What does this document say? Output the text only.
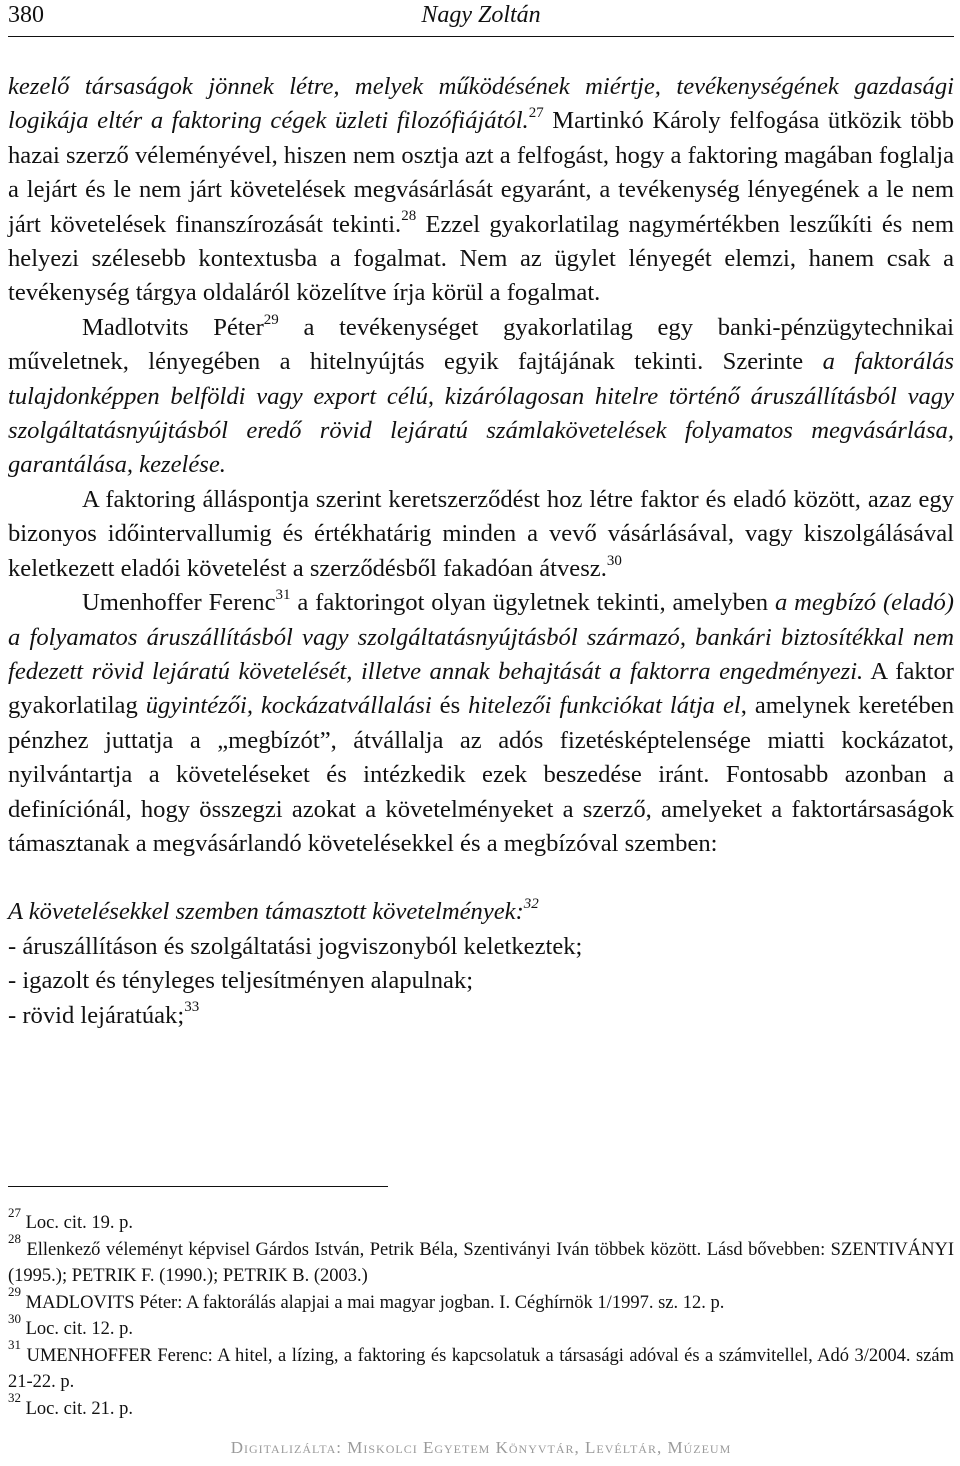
380	Nagy Zoltán

kezelő társaságok jönnek létre, melyek működésének miértje, tevékenységének gazdasági logikája eltér a faktoring cégek üzleti filozófiájától.$^{27}$ Martinkó Károly felfogása ütközik több hazai szerző véleményével, hiszen nem osztja azt a felfogást, hogy a faktoring magában foglalja a lejárt és le nem járt követelések megvásárlását egyaránt, a tevékenység lényegének a le nem járt követelések finanszírozását tekinti.$^{28}$ Ezzel gyakorlatilag nagymértékben leszűkíti és nem helyezi szélesebb kontextusba a fogalmat. Nem az ügylet lényegét elemzi, hanem csak a tevékenység tárgya oldaláról közelítve írja körül a fogalmat.

Madlotvits Péter$^{29}$ a tevékenységet gyakorlatilag egy banki-pénzügytechnikai műveletnek, lényegében a hitelnyújtás egyik fajtájának tekinti. Szerinte a faktorálás tulajdonképpen belföldi vagy export célú, kizárólagosan hitelre történő áruszállításból vagy szolgáltatásnyújtásból eredő rövid lejáratú számlakövetelések folyamatos megvásárlása, garantálása, kezelése.

A faktoring álláspontja szerint keretszerződést hoz létre faktor és eladó között, azaz egy bizonyos időintervallumig és értékhatárig minden a vevő vásárlásával, vagy kiszolgálásával keletkezett eladói követelést a szerződésből fakadóan átvesz.$^{30}$

Umenhoffer Ferenc$^{31}$ a faktoringot olyan ügyletnek tekinti, amelyben a megbízó (eladó) a folyamatos áruszállításból vagy szolgáltatásnyújtásból származó, bankári biztosítékkal nem fedezett rövid lejáratú követelését, illetve annak behajtását a faktorra engedményezi. A faktor gyakorlatilag ügyintézői, kockázatvállalási és hitelezői funkciókat látja el, amelynek keretében pénzhez juttatja a „megbízót”, átvállalja az adós fizetésképtelensége miatti kockázatot, nyilvántartja a követeléseket és intézkedik ezek beszedése iránt. Fontosabb azonban a definíciónál, hogy összegzi azokat a követelményeket a szerző, amelyeket a faktortársaságok támasztanak a megvásárlandó követelésekkel és a megbízóval szemben:

A követelésekkel szemben támasztott követelmények:$^{32}$

- áruszállításon és szolgáltatási jogviszonyból keletkeztek;

- igazolt és tényleges teljesítményen alapulnak;

- rövid lejáratúak;$^{33}$

$^{27}$ Loc. cit. 19. p.

$^{28}$ Ellenkező véleményt képvisel Gárdos István, Petrik Béla, Szentiványi Iván többek között. Lásd bővebben: SZENTIVÁNYI (1995.); PETRIK F. (1990.); PETRIK B. (2003.)

$^{29}$ MADLOVITS Péter: A faktorálás alapjai a mai magyar jogban. I. Céghírnök 1/1997. sz. 12. p.

$^{30}$ Loc. cit. 12. p.

$^{31}$ UMENHOFFER Ferenc: A hitel, a lízing, a faktoring és kapcsolatuk a társasági adóval és a számvitellel, Adó 3/2004. szám 21-22. p.

$^{32}$ Loc. cit. 21. p.

Digitalizálta: Miskolci Egyetem Könyvtár, Levéltár, Múzeum
